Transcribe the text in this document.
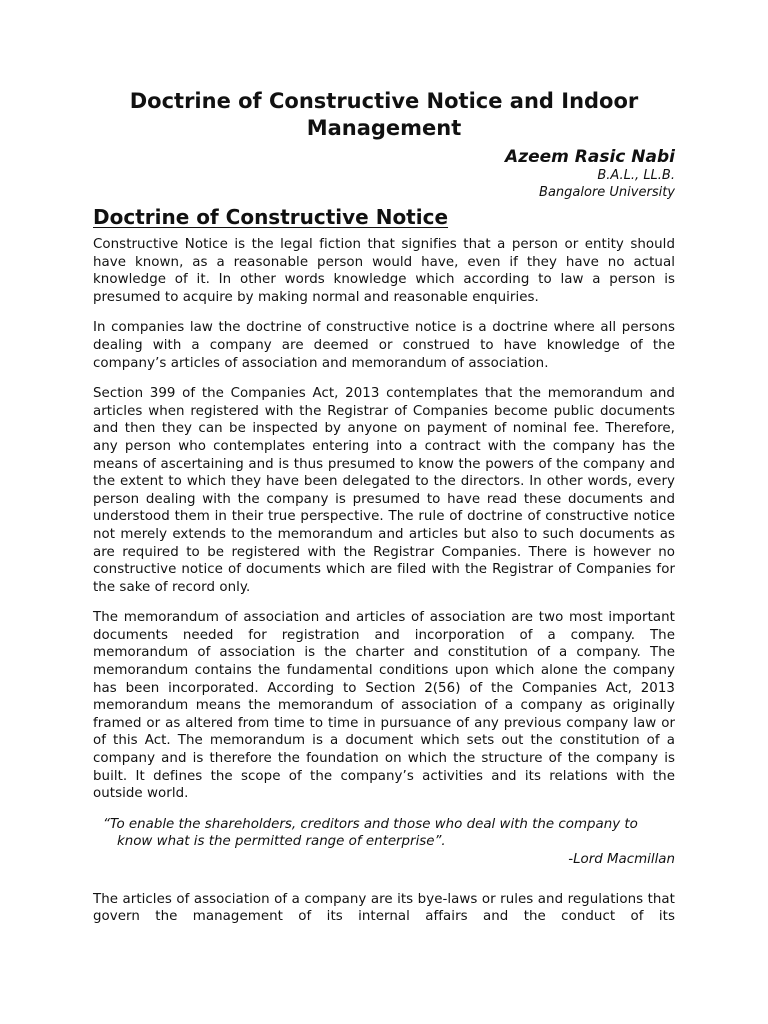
Doctrine of Constructive Notice and Indoor Management
Azeem Rasic Nabi
B.A.L., LL.B.
Bangalore University
Doctrine of Constructive Notice

Constructive Notice is the legal fiction that signifies that a person or entity should have known, as a reasonable person would have, even if they have no actual knowledge of it. In other words knowledge which according to law a person is presumed to acquire by making normal and reasonable enquiries.

In companies law the doctrine of constructive notice is a doctrine where all persons dealing with a company are deemed or construed to have knowledge of the company’s articles of association and memorandum of association.

Section 399 of the Companies Act, 2013 contemplates that the memorandum and articles when registered with the Registrar of Companies become public documents and then they can be inspected by anyone on payment of nominal fee. Therefore, any person who contemplates entering into a contract with the company has the means of ascertaining and is thus presumed to know the powers of the company and the extent to which they have been delegated to the directors. In other words, every person dealing with the company is presumed to have read these documents and understood them in their true perspective. The rule of doctrine of constructive notice not merely extends to the memorandum and articles but also to such documents as are required to be registered with the Registrar Companies. There is however no constructive notice of documents which are filed with the Registrar of Companies for the sake of record only.

The memorandum of association and articles of association are two most important documents needed for registration and incorporation of a company. The memorandum of association is the charter and constitution of a company. The memorandum contains the fundamental conditions upon which alone the company has been incorporated. According to Section 2(56) of the Companies Act, 2013 memorandum means the memorandum of association of a company as originally framed or as altered from time to time in pursuance of any previous company law or of this Act. The memorandum is a document which sets out the constitution of a company and is therefore the foundation on which the structure of the company is built. It defines the scope of the company’s activities and its relations with the outside world.

“To enable the shareholders, creditors and those who deal with the company to
know what is the permitted range of enterprise”.
-Lord Macmillan

The articles of association of a company are its bye-laws or rules and regulations that govern the management of its internal affairs and the conduct of its
